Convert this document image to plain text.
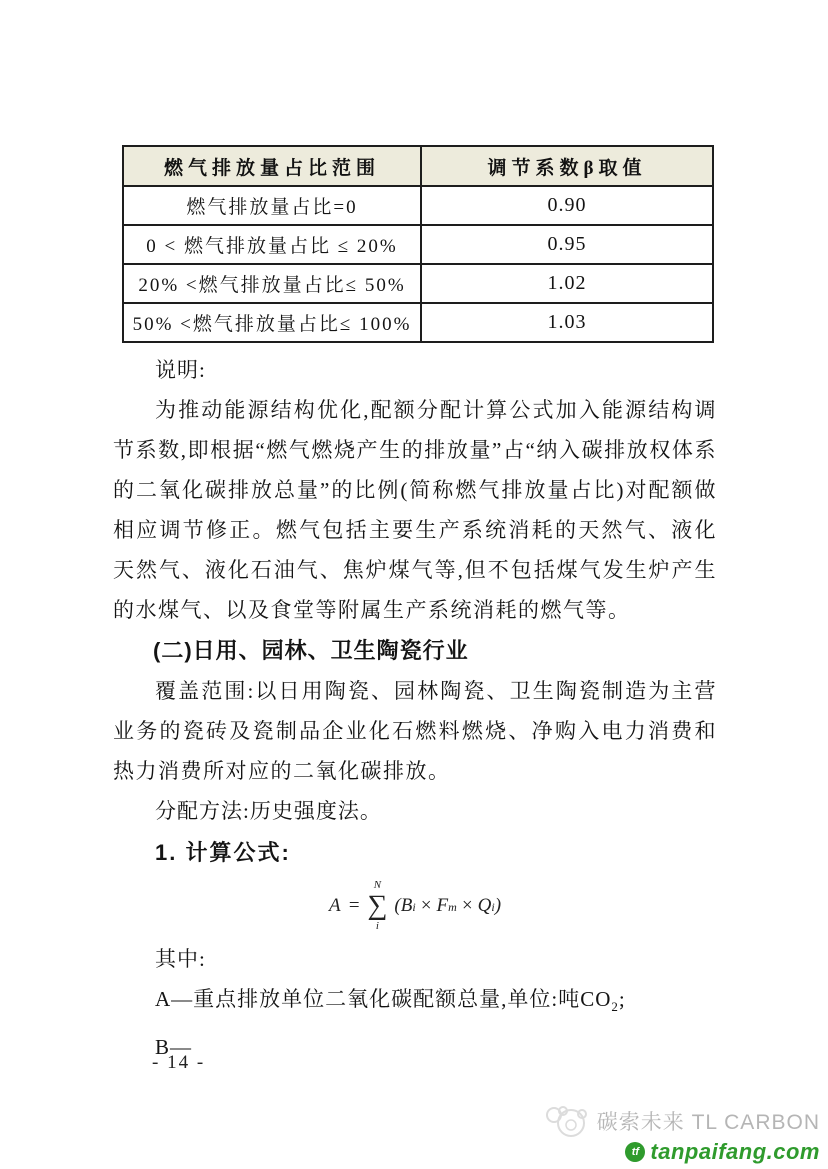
燃气排放量占比范围	调节系数β取值
燃气排放量占比=0	0.90
0 < 燃气排放量占比 ≤ 20%	0.95
20% <燃气排放量占比≤ 50%	1.02
50% <燃气排放量占比≤ 100%	1.03

说明:

为推动能源结构优化,配额分配计算公式加入能源结构调节系数,即根据“燃气燃烧产生的排放量”占“纳入碳排放权体系的二氧化碳排放总量”的比例(简称燃气排放量占比)对配额做相应调节修正。燃气包括主要生产系统消耗的天然气、液化天然气、液化石油气、焦炉煤气等,但不包括煤气发生炉产生的水煤气、以及食堂等附属生产系统消耗的燃气等。

(二)日用、园林、卫生陶瓷行业

覆盖范围:以日用陶瓷、园林陶瓷、卫生陶瓷制造为主营业务的瓷砖及瓷制品企业化石燃料燃烧、净购入电力消费和热力消费所对应的二氧化碳排放。

分配方法:历史强度法。

1. 计算公式:

A =
N
∑
i
( B i × F m × Q i )

其中:

A—重点排放单位二氧化碳配额总量,单位:吨$CO_2$;

B—

- 14 -
碳索未来 TL CARBON
tf tanpaifang.com
